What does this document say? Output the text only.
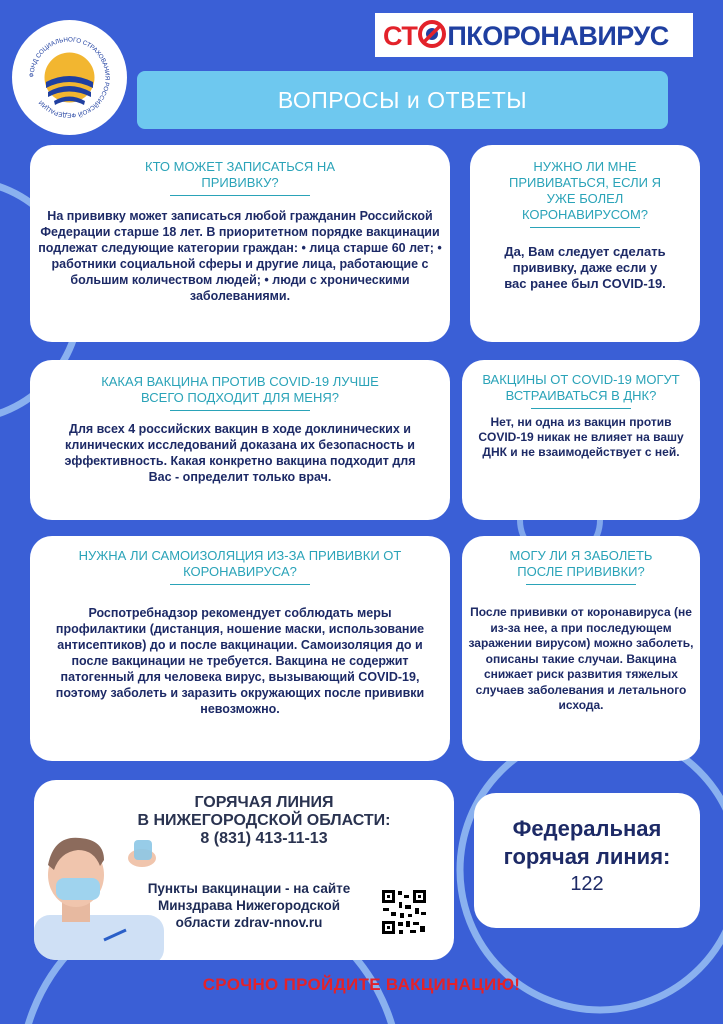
ФОНД СОЦИАЛЬНОГО СТРАХОВАНИЯ РОССИЙСКОЙ ФЕДЕРАЦИИ
СТ ПКОРОНАВИРУС
ВОПРОСЫ и ОТВЕТЫ

КТО МОЖЕТ ЗАПИСАТЬСЯ НА ПРИВИВКУ?

На прививку может записаться любой гражданин Российской Федерации старше 18 лет. В приоритетном порядке вакцинации подлежат следующие категории граждан: • лица старше 60 лет; • работники социальной сферы и другие лица, работающие с большим количеством людей; • люди с хроническими заболеваниями.

НУЖНО ЛИ МНЕ ПРИВИВАТЬСЯ, ЕСЛИ Я УЖЕ БОЛЕЛ КОРОНАВИРУСОМ?

Да, Вам следует сделать прививку, даже если у вас ранее был COVID-19.

КАКАЯ ВАКЦИНА ПРОТИВ COVID-19 ЛУЧШЕ ВСЕГО ПОДХОДИТ ДЛЯ МЕНЯ?

Для всех 4 российских вакцин в ходе доклинических и клинических исследований доказана их безопасность и эффективность. Какая конкретно вакцина подходит для Вас - определит только врач.

ВАКЦИНЫ ОТ COVID-19 МОГУТ ВСТРАИВАТЬСЯ В ДНК?

Нет, ни одна из вакцин против COVID-19 никак не влияет на вашу ДНК и не взаимодействует с ней.

НУЖНА ЛИ САМОИЗОЛЯЦИЯ ИЗ-ЗА ПРИВИВКИ ОТ КОРОНАВИРУСА?

Роспотребнадзор рекомендует соблюдать меры профилактики (дистанция, ношение маски, использование антисептиков) до и после вакцинации. Самоизоляция до и после вакцинации не требуется. Вакцина не содержит патогенный для человека вирус, вызывающий COVID-19, поэтому заболеть и заразить окружающих после прививки невозможно.

МОГУ ЛИ Я ЗАБОЛЕТЬ ПОСЛЕ ПРИВИВКИ?

После прививки от коронавируса (не из-за нее, а при последующем заражении вирусом) можно заболеть, описаны такие случаи. Вакцина снижает риск развития тяжелых случаев заболевания и летального исхода.

ГОРЯЧАЯ ЛИНИЯ

В НИЖЕГОРОДСКОЙ ОБЛАСТИ:

8 (831) 413-11-13

Пункты вакцинации - на сайте

Минздрава Нижегородской

области zdrav-nnov.ru

Федеральная

горячая линия:

122

СРОЧНО ПРОЙДИТЕ ВАКЦИНАЦИЮ!
